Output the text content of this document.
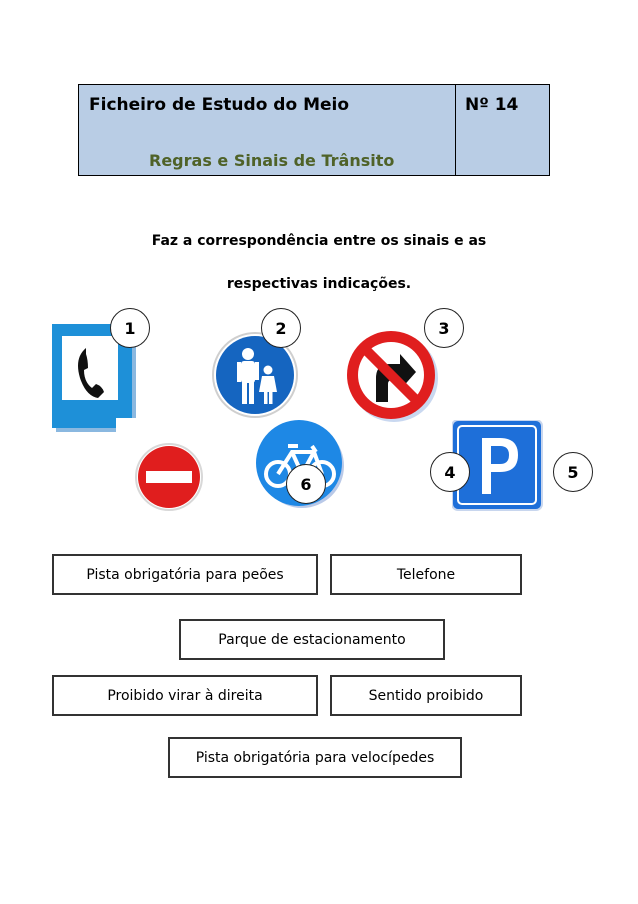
Ficheiro de Estudo do Meio	Nº 14
Regras e Sinais de Trânsito
Faz a correspondência entre os sinais e as
respectivas indicações.
1	2	3
4	5
6
Pista obrigatória para peões	Telefone
Parque de estacionamento
Proibido virar à direita	Sentido proibido
Pista obrigatória para velocípedes
